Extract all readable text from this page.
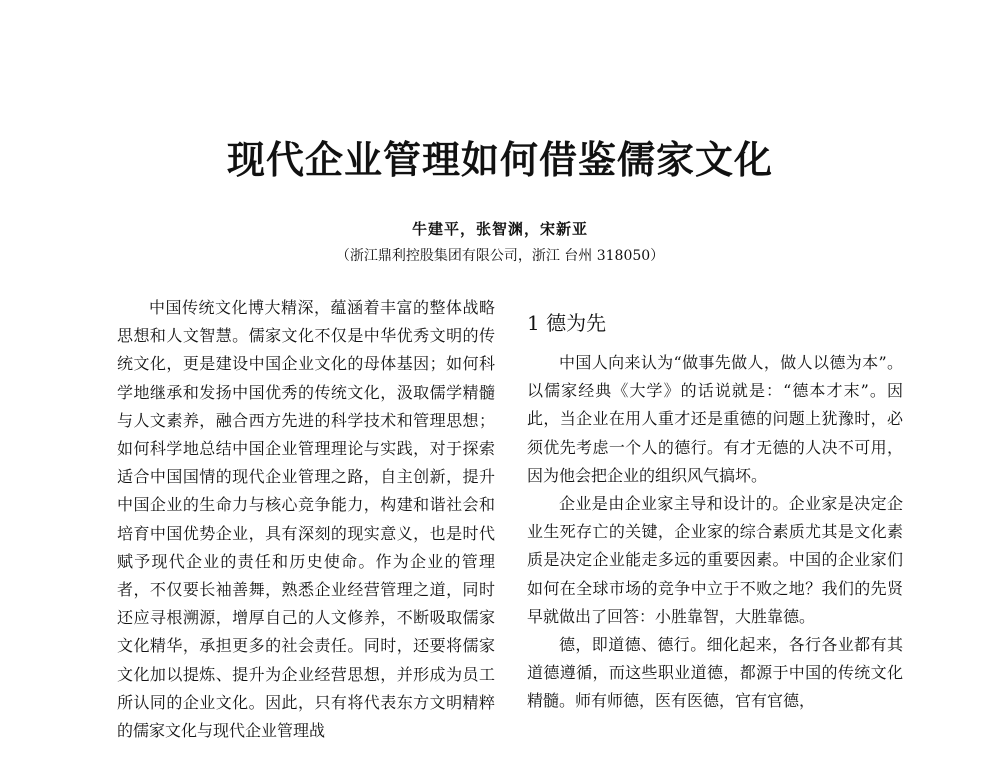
现代企业管理如何借鉴儒家文化
牛建平，张智渊，宋新亚
（浙江鼎利控股集团有限公司，浙江 台州 318050）

中国传统文化博大精深，蕴涵着丰富的整体战略思想和人文智慧。儒家文化不仅是中华优秀文明的传统文化，更是建设中国企业文化的母体基因；如何科学地继承和发扬中国优秀的传统文化，汲取儒学精髓与人文素养，融合西方先进的科学技术和管理思想；如何科学地总结中国企业管理理论与实践，对于探索适合中国国情的现代企业管理之路，自主创新，提升中国企业的生命力与核心竞争能力，构建和谐社会和培育中国优势企业，具有深刻的现实意义，也是时代赋予现代企业的责任和历史使命。作为企业的管理者，不仅要长袖善舞，熟悉企业经营管理之道，同时还应寻根溯源，增厚自己的人文修养，不断吸取儒家文化精华，承担更多的社会责任。同时，还要将儒家文化加以提炼、提升为企业经营思想，并形成为员工所认同的企业文化。因此，只有将代表东方文明精粹的儒家文化与现代企业管理战

1 德为先

中国人向来认为“做事先做人，做人以德为本”。以儒家经典《大学》的话说就是：“德本才末”。因此，当企业在用人重才还是重德的问题上犹豫时，必须优先考虑一个人的德行。有才无德的人决不可用，因为他会把企业的组织风气搞坏。

企业是由企业家主导和设计的。企业家是决定企业生死存亡的关键，企业家的综合素质尤其是文化素质是决定企业能走多远的重要因素。中国的企业家们如何在全球市场的竞争中立于不败之地？我们的先贤早就做出了回答：小胜靠智，大胜靠德。

德，即道德、德行。细化起来，各行各业都有其道德遵循，而这些职业道德，都源于中国的传统文化精髓。师有师德，医有医德，官有官德，
